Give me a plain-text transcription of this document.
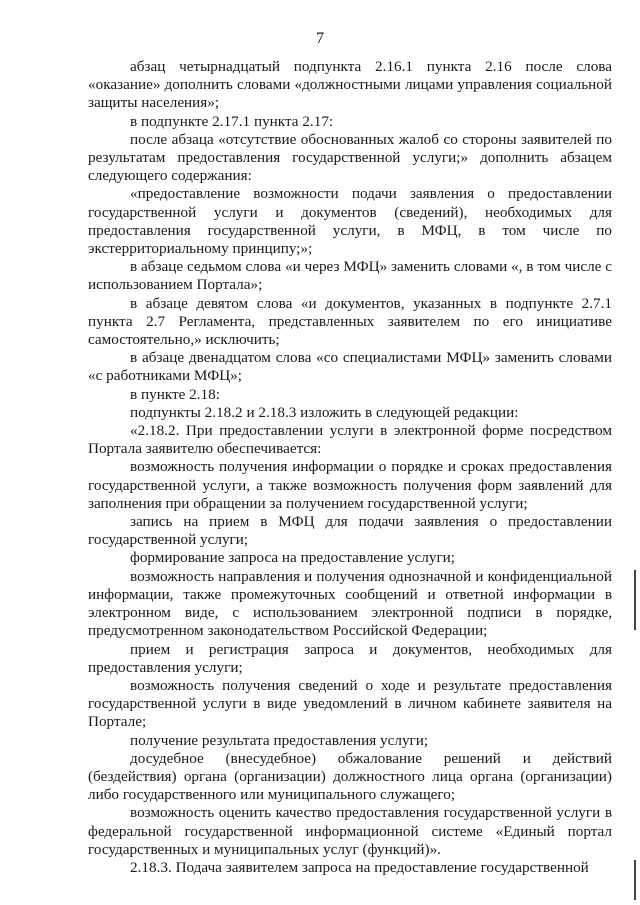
7

абзац четырнадцатый подпункта 2.16.1 пункта 2.16 после слова «оказание» дополнить словами «должностными лицами управления социальной защиты населения»;

в подпункте 2.17.1 пункта 2.17:

после абзаца «отсутствие обоснованных жалоб со стороны заявителей по результатам предоставления государственной услуги;» дополнить абзацем следующего содержания:

«предоставление возможности подачи заявления о предоставлении государственной услуги и документов (сведений), необходимых для предоставления государственной услуги, в МФЦ, в том числе по экстерриториальному принципу;»;

в абзаце седьмом слова «и через МФЦ» заменить словами «, в том числе с использованием Портала»;

в абзаце девятом слова «и документов, указанных в подпункте 2.7.1 пункта 2.7 Регламента, представленных заявителем по его инициативе самостоятельно,» исключить;

в абзаце двенадцатом слова «со специалистами МФЦ» заменить словами «с работниками МФЦ»;

в пункте 2.18:

подпункты 2.18.2 и 2.18.3 изложить в следующей редакции:

«2.18.2. При предоставлении услуги в электронной форме посредством Портала заявителю обеспечивается:

возможность получения информации о порядке и сроках предоставления государственной услуги, а также возможность получения форм заявлений для заполнения при обращении за получением государственной услуги;

запись на прием в МФЦ для подачи заявления о предоставлении государственной услуги;

формирование запроса на предоставление услуги;

возможность направления и получения однозначной и конфиденциальной информации, также промежуточных сообщений и ответной информации в электронном виде, с использованием электронной подписи в порядке, предусмотренном законодательством Российской Федерации;

прием и регистрация запроса и документов, необходимых для предоставления услуги;

возможность получения сведений о ходе и результате предоставления государственной услуги в виде уведомлений в личном кабинете заявителя на Портале;

получение результата предоставления услуги;

досудебное (внесудебное) обжалование решений и действий (бездействия) органа (организации) должностного лица органа (организации) либо государственного или муниципального служащего;

возможность оценить качество предоставления государственной услуги в федеральной государственной информационной системе «Единый портал государственных и муниципальных услуг (функций)».

2.18.3. Подача заявителем запроса на предоставление государственной
